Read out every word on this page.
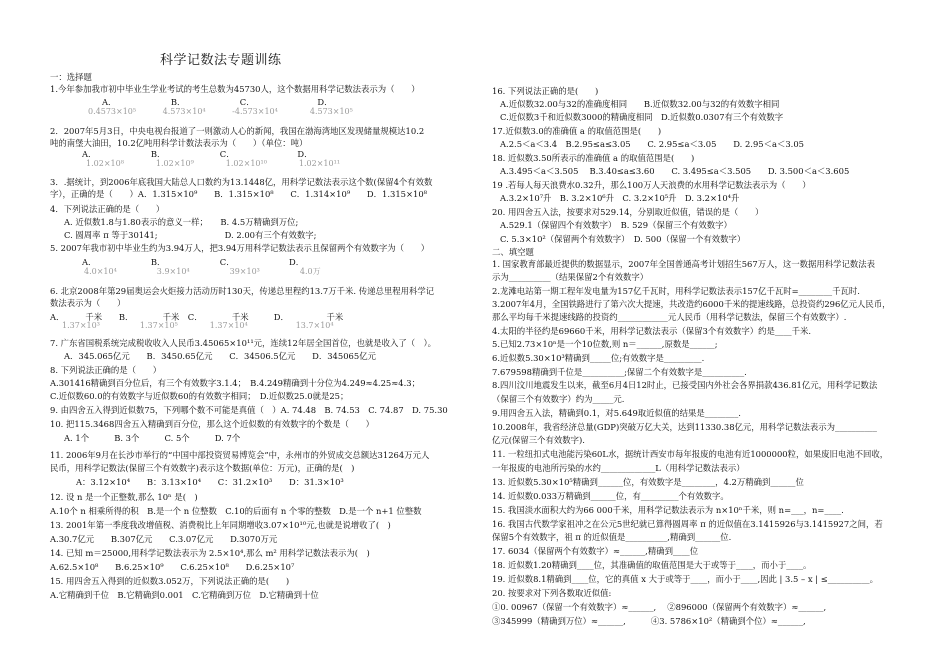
科学记数法专题训练
一：选择题
1.今年参加我市初中毕业生学业考试的考生总数为45730人，这个数据用科学记数法表示为（　　）
A．　　　　　　　B．　　　　　　　C．　　　　　　　　D．
0.4573×10⁵　　　 4.573×10⁴　　　 -4.573×10⁴　　　　4.573×10⁵
2．2007年5月3日，中央电视台报道了一则激动人心的新闻，我国在渤海湾地区发现储量规模达10.2
吨的南堡大油田，10.2亿吨用科学计数法表示为（　　）（单位：吨）
A．　　　　　　　B．　　　　　　　C．　　　　　　　　D．
1.02×10⁸　　　　1.02×10⁹　　　　1.02×10¹⁰　　　　1.02×10¹¹
3．.据统计，到2006年底我国大陆总人口数约为13.1448亿，用科学记数法表示这个数(保留4个有效数
字），正确的是（　　）A．1.315×10⁹　　B．1.315×10⁸　　C．1.314×10⁹　　D．1.315×10⁸
4．下列说法正确的是（　　）
A. 近似数1.8与1.80表示的意义一样；　　B. 4.5万精确到万位;
C. 圆周率 π 等于30141;　　　　　　　　D. 2.00有三个有效数字;
5. 2007年我市初中毕业生约为3.94万人，把3.94万用科学记数法表示且保留两个有效数字为（　　）
A．　　　　　　　B．　　　　　　　C．　　　　　　　D．
4.0×10⁴　　　　　3.9×10⁴　　　　　39×10³　　　　　4.0万
6. 北京2008年第29届奥运会火炬接力活动历时130天，传递总里程约13.7万千米. 传递总里程用科学记
数法表示为（　　）
A．　　　千米　　B．　　　　千米　C．　　　　千米　　　D．　　　　　千米
1.37×10³　　　　　1.37×10⁵　　　　1.37×10⁴　　　　　　13.7×10⁴
7. 广东省国税系统完成税收收入人民币3.45065×10¹¹元，连续12年居全国首位，也就是收入了（　）。
A．345.065亿元　　B．3450.65亿元　　C．34506.5亿元　　D．345065亿元
8. 下列说法正确的是（　　）
A.301416精确到百分位后，有三个有效数字3.1.4；　B.4.249精确到十分位为4.249≈4.25≈4.3；
C.近似数60.0的有效数字与近似数60的有效数字相同；　D.近似数25.0就是25；
9. 由四舍五入得到近似数75，下列哪个数不可能是真值（　）A. 74.48　B. 74.53　C. 74.87　D. 75.30
10. 把115.3468四舍五入精确到百分位，那么这个近似数的有效数字的个数是（　　）
A. 1个　　　B. 3个　　　C. 5个　　　D. 7个
11. 2006年9月在长沙市举行的“中国中部投资贸易博览会”中，永州市的外贸成交总额达31264万元人
民币，用科学记数法(保留三个有效数字)表示这个数据(单位：万元)，正确的是(　)
A：3.12×10⁴　　B：3.13×10⁴　　C：31.2×10³　　D：31.3×10³
12. 设 n 是一个正整数,那么 10ⁿ 是(　)
A.10个 n 相乘所得的积　B.是一个 n 位整数　C.10的后面有 n 个零的整数　D.是一个 n+1 位整数
13. 2001年第一季度我改增值税、消费税比上年同期增收3.07×10¹⁰元,也就是说增收了(　)
A.30.7亿元　　B.307亿元　　C.3.07亿元　　D.3070万元
14. 已知 m＝25000,用科学记数法表示为 2.5×10⁴,那么 m² 用科学记数法表示为(　)
A.62.5×10⁸　　B.6.25×10⁹　　C.6.25×10⁸　　D.6.25×10⁷
15. 用四舍五入得到的近似数3.052万，下列说法正确的是(　　)
A.它精确到千位　B.它精确到0.001　C.它精确到万位　D.它精确到十位
16. 下列说法正确的是(　　)
A.近似数32.00与32的准确度相同　　B.近似数32.00与32的有效数字相同
C.近似数3千和近似数3000的精确度相同　D.近似数0.0307有三个有效数字
17.近似数3.0的准确值 a 的取值范围是(　　)
A.2.5＜a＜3.4　B.2.95≤a≤3.05　　C. 2.95≤a＜3.05　　D. 2.95＜a＜3.05
18. 近似数3.50所表示的准确值 a 的取值范围是(　　)
A.3.495＜a＜3.505　 B.3.40≤a≤3.60　　C. 3.495≤a＜3.505　　D. 3.500＜a＜3.605
19 .若每人每天浪费水0.32升，那么100万人天浪费的水用科学记数法表示为（　　）
A.3.2×10⁷升　B. 3.2×10⁶升　C. 3.2×10⁵升　D. 3.2×10⁴升
20. 用四舍五入法，按要求对529.14，分别取近似值，错误的是（　　）
A.529.1（保留四个有效数字）　B. 529（保留三个有效数字）
C. 5.3×10²（保留两个有效数字）　D. 500（保留一个有效数字）
二、填空题
1. 国家教育部最近提供的数据显示，2007年全国普通高考计划招生567万人，这一数据用科学记数法表
示为__________（结果保留2个有效数字）
2.龙滩电站第一期工程年发电量为157亿千瓦时，用科学记数法表示157亿千瓦时=________千瓦时.
3.2007年4月，全国铁路进行了第六次大提速，共改造约6000千米的提速线路，总投资约296亿元人民币，
那么平均每千米提速线路的投资约____________元人民币（用科学记数法，保留三个有效数字）.
4.太阳的半径约是69660千米，用科学记数法表示（保留3个有效数字）约是____千米.
5.已知2.73×10ⁿ是一个10位数,则 n＝______,原数是______;
6.近似数5.30×10³精确到_____位;有效数字是_________.
7.679598精确到千位是__________;保留二个有效数字是__________.
8.四川汶川地震发生以来，截至6月4日12时止，已接受国内外社会各界捐款436.81亿元，用科学记数法
（保留三个有效数字）约为_____元.
9.用四舍五入法，精确到0.1，对5.649取近似值的结果是________.
10.2008年，我省经济总量(GDP)突破万亿大关，达到11330.38亿元，用科学记数法表示为__________
亿元(保留三个有效数字).
11. 一粒纽扣式电池能污染60L水，据统计西安市每年报废的电池有近1000000粒，如果废旧电池不回收，
一年报废的电池所污染的水约_____________L（用科学记数法表示）
13. 近似数5.30×10⁵精确到______位，有效数字是________，4.2万精确到______位
14. 近似数0.033万精确到______位，有_________个有效数字。
15. 我国淡水面积大约为66 000千米，用科学记数法表示为 n×10ⁿ千米，则 n=___，n=____.
16. 我国古代数学家祖冲之在公元5世纪就已算得圆周率 π 的近似值在3.1415926与3.1415927之间，若
保留5个有效数字，祖 π 的近似值是__________,精确到______位.
17. 6034（保留两个有效数字）≈______,精确到____位
18. 近似数1.20精确到____位，其准确值的取值范围是大于或等于____，而小于____。
19. 近似数8.1精确到____位，它的真值 x 大于或等于____，而小于____,因此 | 3.5 – x | ≤__________。
20. 按要求对下列各数取近似值:
①0. 00967（保留一个有效数字）≈______, 　②896000（保留两个有效数字）≈______,
③345999（精确到万位）≈______,　　　④3. 5786×10²（精确到个位）≈______,
